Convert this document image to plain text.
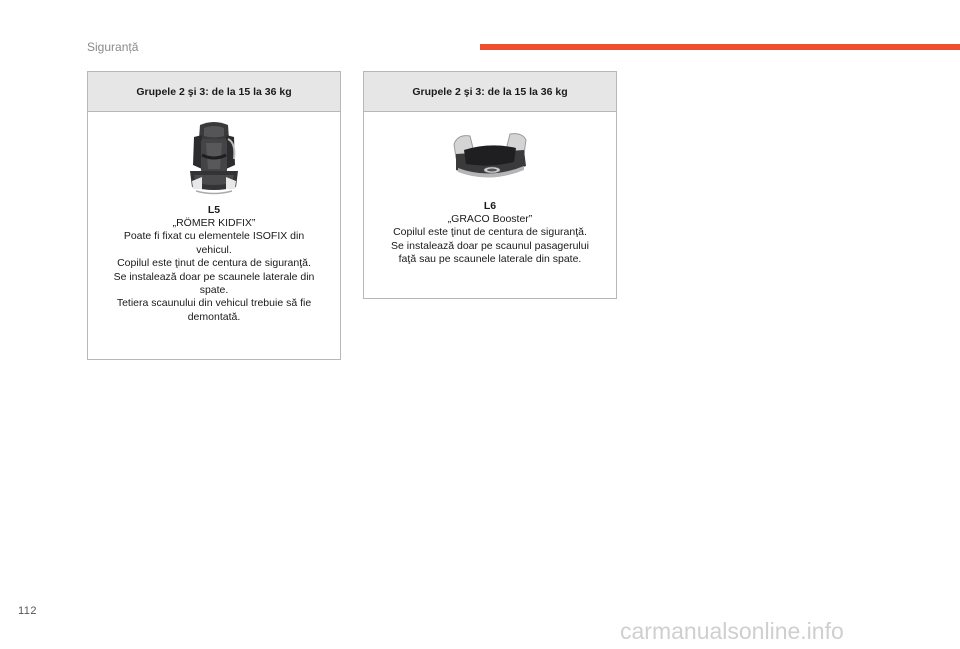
Siguranță
Grupele 2 şi 3: de la 15 la 36 kg
L5
„RÖMER KIDFIX”
Poate fi fixat cu elementele ISOFIX din
vehicul.
Copilul este ţinut de centura de siguranţă.
Se instalează doar pe scaunele laterale din
spate.
Tetiera scaunului din vehicul trebuie să fie
demontată.
Grupele 2 şi 3: de la 15 la 36 kg
L6
„GRACO Booster”
Copilul este ţinut de centura de siguranţă.
Se instalează doar pe scaunul pasagerului
faţă sau pe scaunele laterale din spate.
112
carmanualsonline.info
